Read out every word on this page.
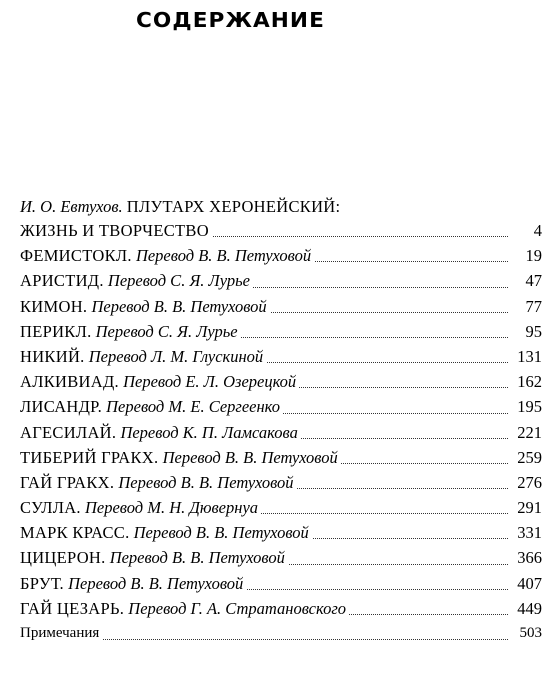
СОДЕРЖАНИЕ
И. О. Евтухов. ПЛУТАРХ ХЕРОНЕЙСКИЙ:
ЖИЗНЬ И ТВОРЧЕСТВО	4
ФЕМИСТОКЛ. Перевод В. В. Петуховой	19
АРИСТИД. Перевод С. Я. Лурье	47
КИМОН. Перевод В. В. Петуховой	77
ПЕРИКЛ. Перевод С. Я. Лурье	95
НИКИЙ. Перевод Л. М. Глускиной	131
АЛКИВИАД. Перевод Е. Л. Озерецкой	162
ЛИСАНДР. Перевод М. Е. Сергеенко	195
АГЕСИЛАЙ. Перевод К. П. Ламсакова	221
ТИБЕРИЙ ГРАКХ. Перевод В. В. Петуховой	259
ГАЙ ГРАКХ. Перевод В. В. Петуховой	276
СУЛЛА. Перевод М. Н. Дювернуа	291
МАРК КРАСС. Перевод В. В. Петуховой	331
ЦИЦЕРОН. Перевод В. В. Петуховой	366
БРУТ. Перевод В. В. Петуховой	407
ГАЙ ЦЕЗАРЬ. Перевод Г. А. Стратановского	449
Примечания	503
